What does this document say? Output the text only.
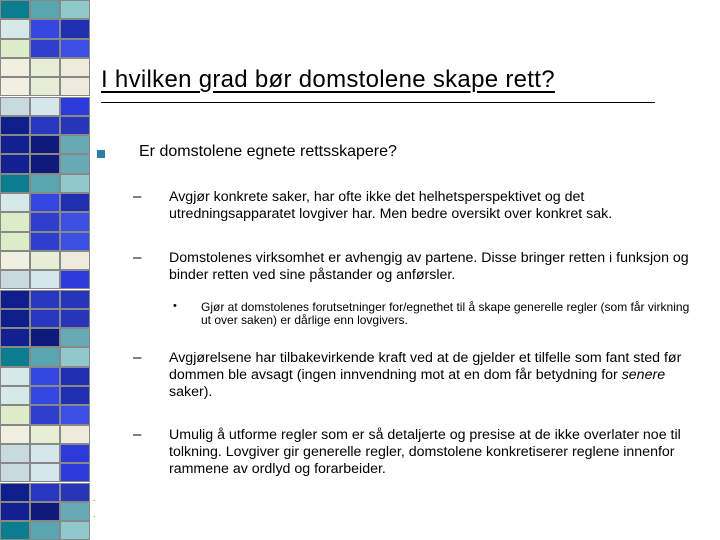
I hvilken grad bør domstolene skape rett?
Er domstolene egnete rettsskapere?
– Avgjør konkrete saker, har ofte ikke det helhetsperspektivet og det utredningsapparatet lovgiver har. Men bedre oversikt over konkret sak.
– Domstolenes virksomhet er avhengig av partene. Disse bringer retten i funksjon og binder retten ved sine påstander og anførsler.
• Gjør at domstolenes forutsetninger for/egnethet til å skape generelle regler (som får virkning ut over saken) er dårlige enn lovgivers.
– Avgjørelsene har tilbakevirkende kraft ved at de gjelder et tilfelle som fant sted før dommen ble avsagt (ingen innvendning mot at en dom får betydning for senere saker).
– Umulig å utforme regler som er så detaljerte og presise at de ikke overlater noe til tolkning. Lovgiver gir generelle regler, domstolene konkretiserer reglene innenfor rammene av ordlyd og forarbeider.
.
.
